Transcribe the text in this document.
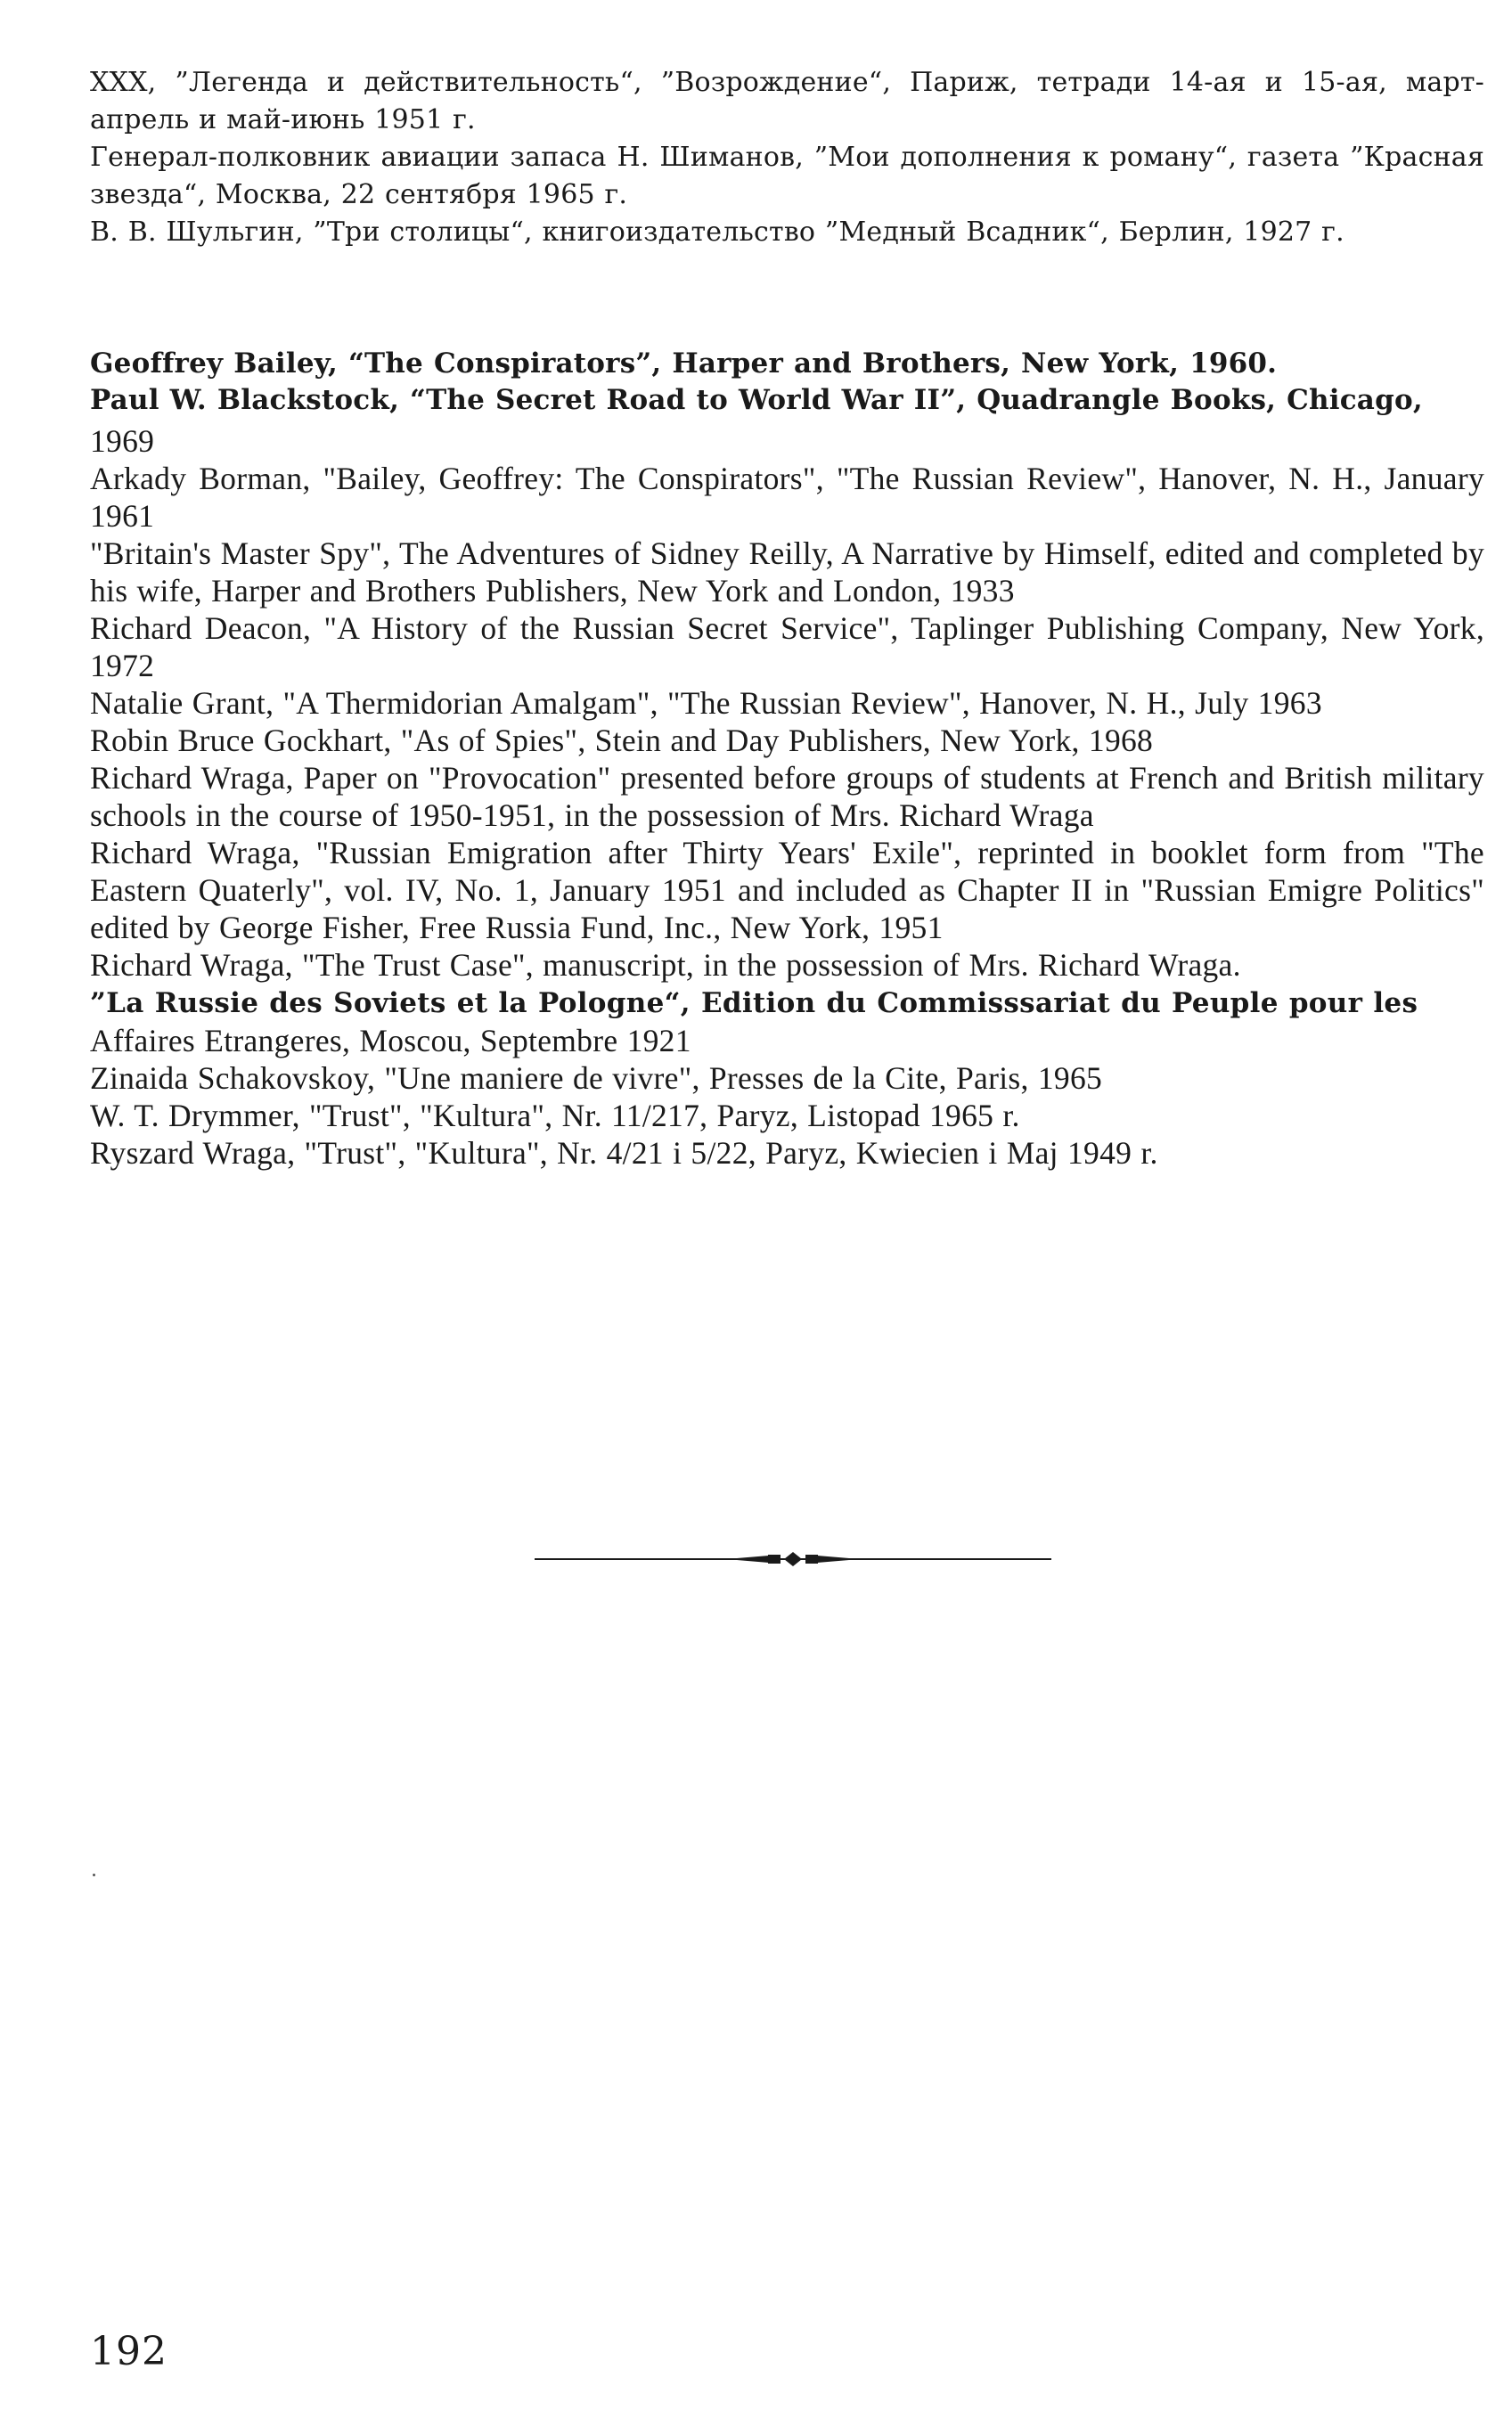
XXX, ”Легенда и действительность“, ”Возрождение“, Париж, тетради 14-ая и 15-ая, март-апрель и май-июнь 1951 г.

Генерал-полковник авиации запаса Н. Шиманов, ”Мои дополнения к роману“, газета ”Красная звезда“, Москва, 22 сентября 1965 г.

В. В. Шульгин, ”Три столицы“, книгоиздательство ”Медный Всадник“, Берлин, 1927 г.

Geoffrey Bailey, “The Conspirators”, Harper and Brothers, New York, 1960.

Paul W. Blackstock, “The Secret Road to World War II”, Quadrangle Books, Chicago,

1969

Arkady Borman, "Bailey, Geoffrey: The Conspirators", "The Russian Review", Hanover, N. H., January 1961

"Britain's Master Spy", The Adventures of Sidney Reilly, A Narrative by Himself, edited and completed by his wife, Harper and Brothers Publishers, New York and London, 1933

Richard Deacon, "A History of the Russian Secret Service", Taplinger Publishing Company, New York, 1972

Natalie Grant, "A Thermidorian Amalgam", "The Russian Review", Hanover, N. H., July 1963

Robin Bruce Gockhart, "As of Spies", Stein and Day Publishers, New York, 1968

Richard Wraga, Paper on "Provocation" presented before groups of students at French and British military schools in the course of 1950-1951, in the possession of Mrs. Richard Wraga

Richard Wraga, "Russian Emigration after Thirty Years' Exile", reprinted in booklet form from "The Eastern Quaterly", vol. IV, No. 1, January 1951 and included as Chapter II in "Russian Emigre Politics" edited by George Fisher, Free Russia Fund, Inc., New York, 1951

Richard Wraga, "The Trust Case", manuscript, in the possession of Mrs. Richard Wraga.

”La Russie des Soviets et la Pologne“, Edition du Commisssariat du Peuple pour les

Affaires Etrangeres, Moscou, Septembre 1921

Zinaida Schakovskoy, "Une maniere de vivre", Presses de la Cite, Paris, 1965

W. T. Drymmer, "Trust", "Kultura", Nr. 11/217, Paryz, Listopad 1965 r.

Ryszard Wraga, "Trust", "Kultura", Nr. 4/21 i 5/22, Paryz, Kwiecien i Maj 1949 r.

192
